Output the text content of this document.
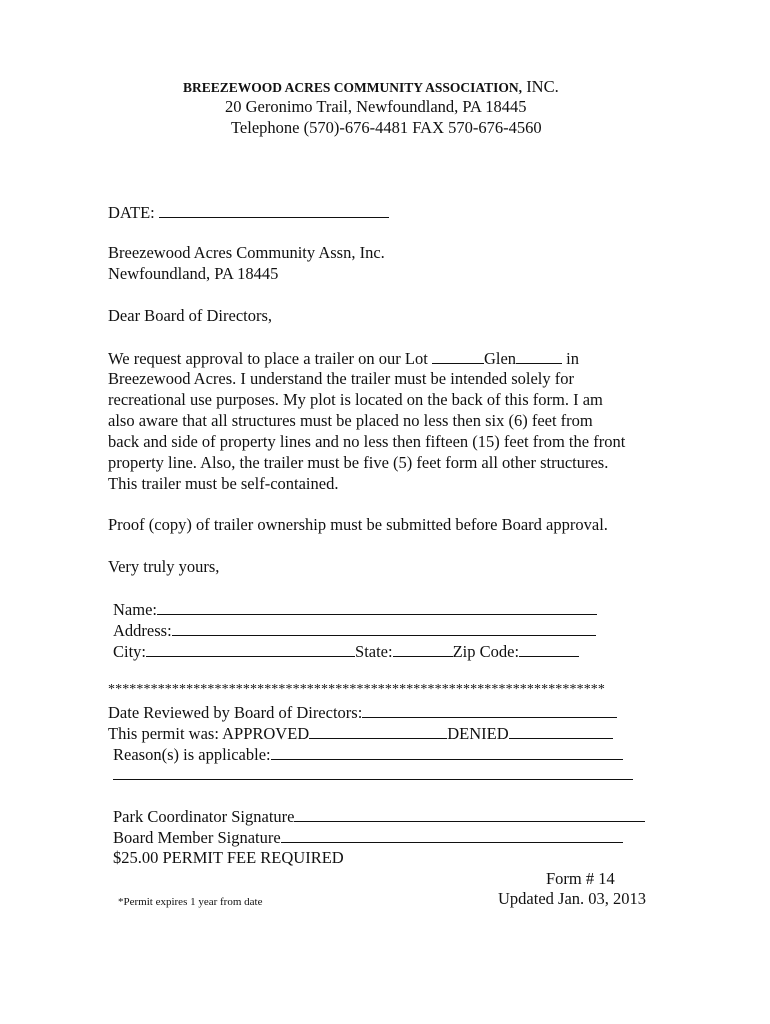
BREEZEWOOD ACRES COMMUNITY ASSOCIATION, INC.
20 Geronimo Trail, Newfoundland, PA 18445
Telephone (570)-676-4481 FAX 570-676-4560
DATE:
Breezewood Acres Community Assn, Inc.
Newfoundland, PA 18445
Dear Board of Directors,
We request approval to place a trailer on our Lot	Glen	in
Breezewood Acres. I understand the trailer must be intended solely for
recreational use purposes. My plot is located on the back of this form. I am
also aware that all structures must be placed no less then six (6) feet from
back and side of property lines and no less then fifteen (15) feet from the front
property line. Also, the trailer must be five (5) feet form all other structures.
This trailer must be self-contained.
Proof (copy) of trailer ownership must be submitted before Board approval.
Very truly yours,
Name:
Address:
City:	State:	Zip Code:
**********************************************************************
Date Reviewed by Board of Directors:
This permit was: APPROVED	DENIED
Reason(s) is applicable:
Park Coordinator Signature
Board Member Signature
$25.00 PERMIT FEE REQUIRED
Form # 14
Updated Jan. 03, 2013
*Permit expires 1 year from date
